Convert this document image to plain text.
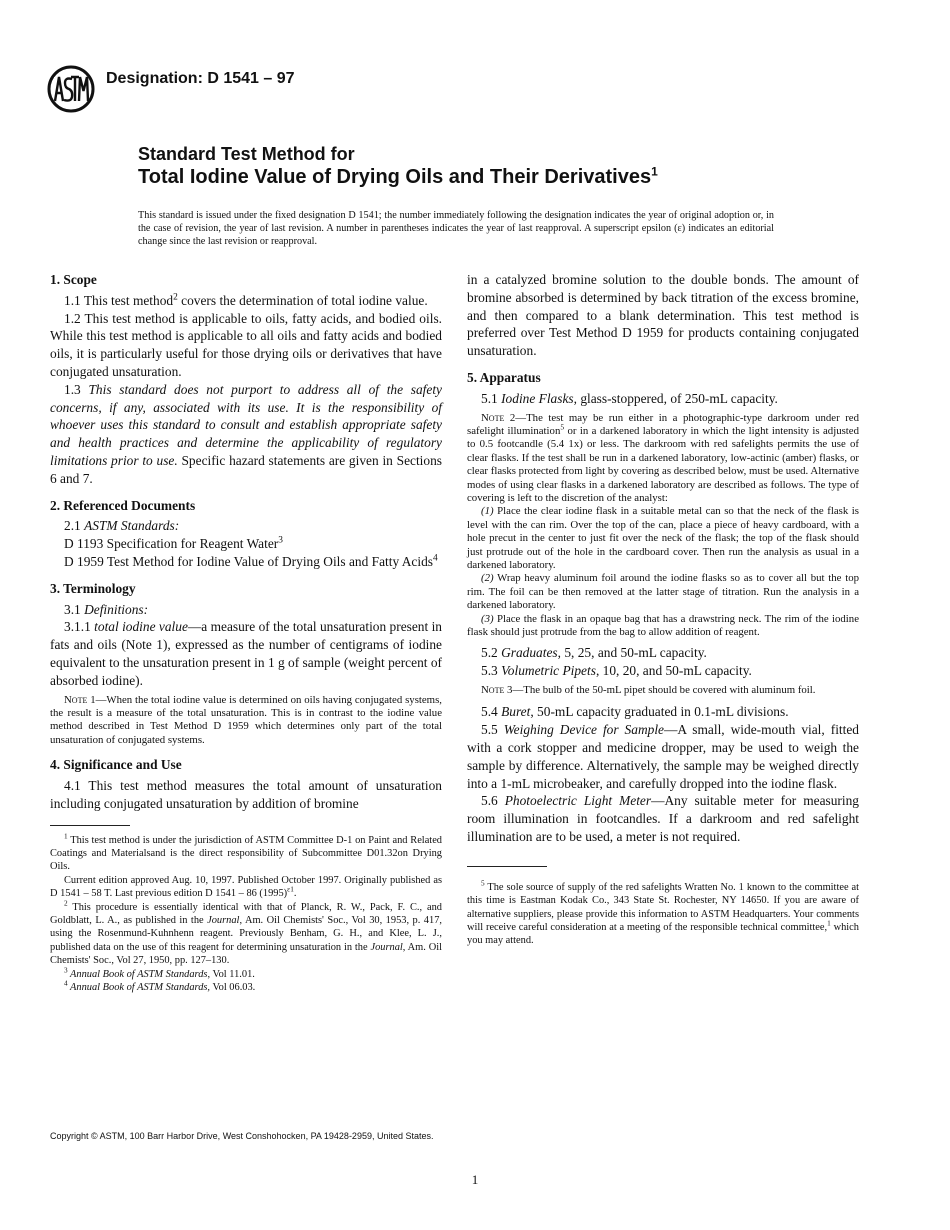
Designation: D 1541 – 97
Standard Test Method for
Total Iodine Value of Drying Oils and Their Derivatives$^1$
This standard is issued under the fixed designation D 1541; the number immediately following the designation indicates the year of original adoption or, in the case of revision, the year of last revision. A number in parentheses indicates the year of last reapproval. A superscript epsilon (ε) indicates an editorial change since the last revision or reapproval.

1. Scope

1.1 This test method$^2$ covers the determination of total iodine value.

1.2 This test method is applicable to oils, fatty acids, and bodied oils. While this test method is applicable to all oils and fatty acids and bodied oils, it is particularly useful for those drying oils or derivatives that have conjugated unsaturation.

1.3 This standard does not purport to address all of the safety concerns, if any, associated with its use. It is the responsibility of whoever uses this standard to consult and establish appropriate safety and health practices and determine the applicability of regulatory limitations prior to use. Specific hazard statements are given in Sections 6 and 7.

2. Referenced Documents

2.1 ASTM Standards:

D 1193 Specification for Reagent Water$^3$

D 1959 Test Method for Iodine Value of Drying Oils and Fatty Acids$^4$

3. Terminology

3.1 Definitions:

3.1.1 total iodine value—a measure of the total unsaturation present in fats and oils (Note 1), expressed as the number of centigrams of iodine equivalent to the unsaturation present in 1 g of sample (weight percent of absorbed iodine).

Note 1—When the total iodine value is determined on oils having conjugated systems, the result is a measure of the total unsaturation. This is in contrast to the iodine value method described in Test Method D 1959 which determines only part of the total unsaturation of conjugated systems.

4. Significance and Use

4.1 This test method measures the total amount of unsaturation including conjugated unsaturation by addition of bromine

$^1$ This test method is under the jurisdiction of ASTM Committee D-1 on Paint and Related Coatings and Materialsand is the direct responsibility of Subcommittee D01.32on Drying Oils.

Current edition approved Aug. 10, 1997. Published October 1997. Originally published as D 1541 – 58 T. Last previous edition D 1541 – 86 $(1995)^{\varepsilon 1}$.

$^2$ This procedure is essentially identical with that of Planck, R. W., Pack, F. C., and Goldblatt, L. A., as published in the Journal, Am. Oil Chemists' Soc., Vol 30, 1953, p. 417, using the Rosenmund-Kuhnhenn reagent. Previously Benham, G. H., and Klee, L. J., published data on the use of this reagent for determining unsaturation in the Journal, Am. Oil Chemists' Soc., Vol 27, 1950, pp. 127–130.

$^3$ Annual Book of ASTM Standards, Vol 11.01.

$^4$ Annual Book of ASTM Standards, Vol 06.03.

in a catalyzed bromine solution to the double bonds. The amount of bromine absorbed is determined by back titration of the excess bromine, and then compared to a blank determination. This test method is preferred over Test Method D 1959 for products containing conjugated unsaturation.

5. Apparatus

5.1 Iodine Flasks, glass-stoppered, of 250-mL capacity.

Note 2—The test may be run either in a photographic-type darkroom under red safelight illumination$^5$ or in a darkened laboratory in which the light intensity is adjusted to 0.5 footcandle (5.4 1x) or less. The darkroom with red safelights permits the use of clear flasks. If the test shall be run in a darkened laboratory, low-actinic (amber) flasks, or clear flasks protected from light by covering as described below, must be used. Alternative modes of using clear flasks in a darkened laboratory are described as follows. The type of covering is left to the discretion of the analyst:

(1) Place the clear iodine flask in a suitable metal can so that the neck of the flask is level with the can rim. Over the top of the can, place a piece of heavy cardboard, with a hole precut in the center to just fit over the neck of the flask; the top of the flask should just protrude out of the hole in the cardboard cover. Then run the analysis as usual in a darkened laboratory.

(2) Wrap heavy aluminum foil around the iodine flasks so as to cover all but the top rim. The foil can be then removed at the latter stage of titration. Run the analysis in a darkened laboratory.

(3) Place the flask in an opaque bag that has a drawstring neck. The rim of the iodine flask should just protrude from the bag to allow addition of reagent.

5.2 Graduates, 5, 25, and 50-mL capacity.

5.3 Volumetric Pipets, 10, 20, and 50-mL capacity.

Note 3—The bulb of the 50-mL pipet should be covered with aluminum foil.

5.4 Buret, 50-mL capacity graduated in 0.1-mL divisions.

5.5 Weighing Device for Sample—A small, wide-mouth vial, fitted with a cork stopper and medicine dropper, may be used to weigh the sample by difference. Alternatively, the sample may be weighed directly into a 1-mL microbeaker, and carefully dropped into the iodine flask.

5.6 Photoelectric Light Meter—Any suitable meter for measuring room illumination in footcandles. If a darkroom and red safelight illumination are to be used, a meter is not required.

$^5$ The sole source of supply of the red safelights Wratten No. 1 known to the committee at this time is Eastman Kodak Co., 343 State St. Rochester, NY 14650. If you are aware of alternative suppliers, please provide this information to ASTM Headquarters. Your comments will receive careful consideration at a meeting of the responsible technical committee,$^1$ which you may attend.

Copyright © ASTM, 100 Barr Harbor Drive, West Conshohocken, PA 19428-2959, United States.
1
